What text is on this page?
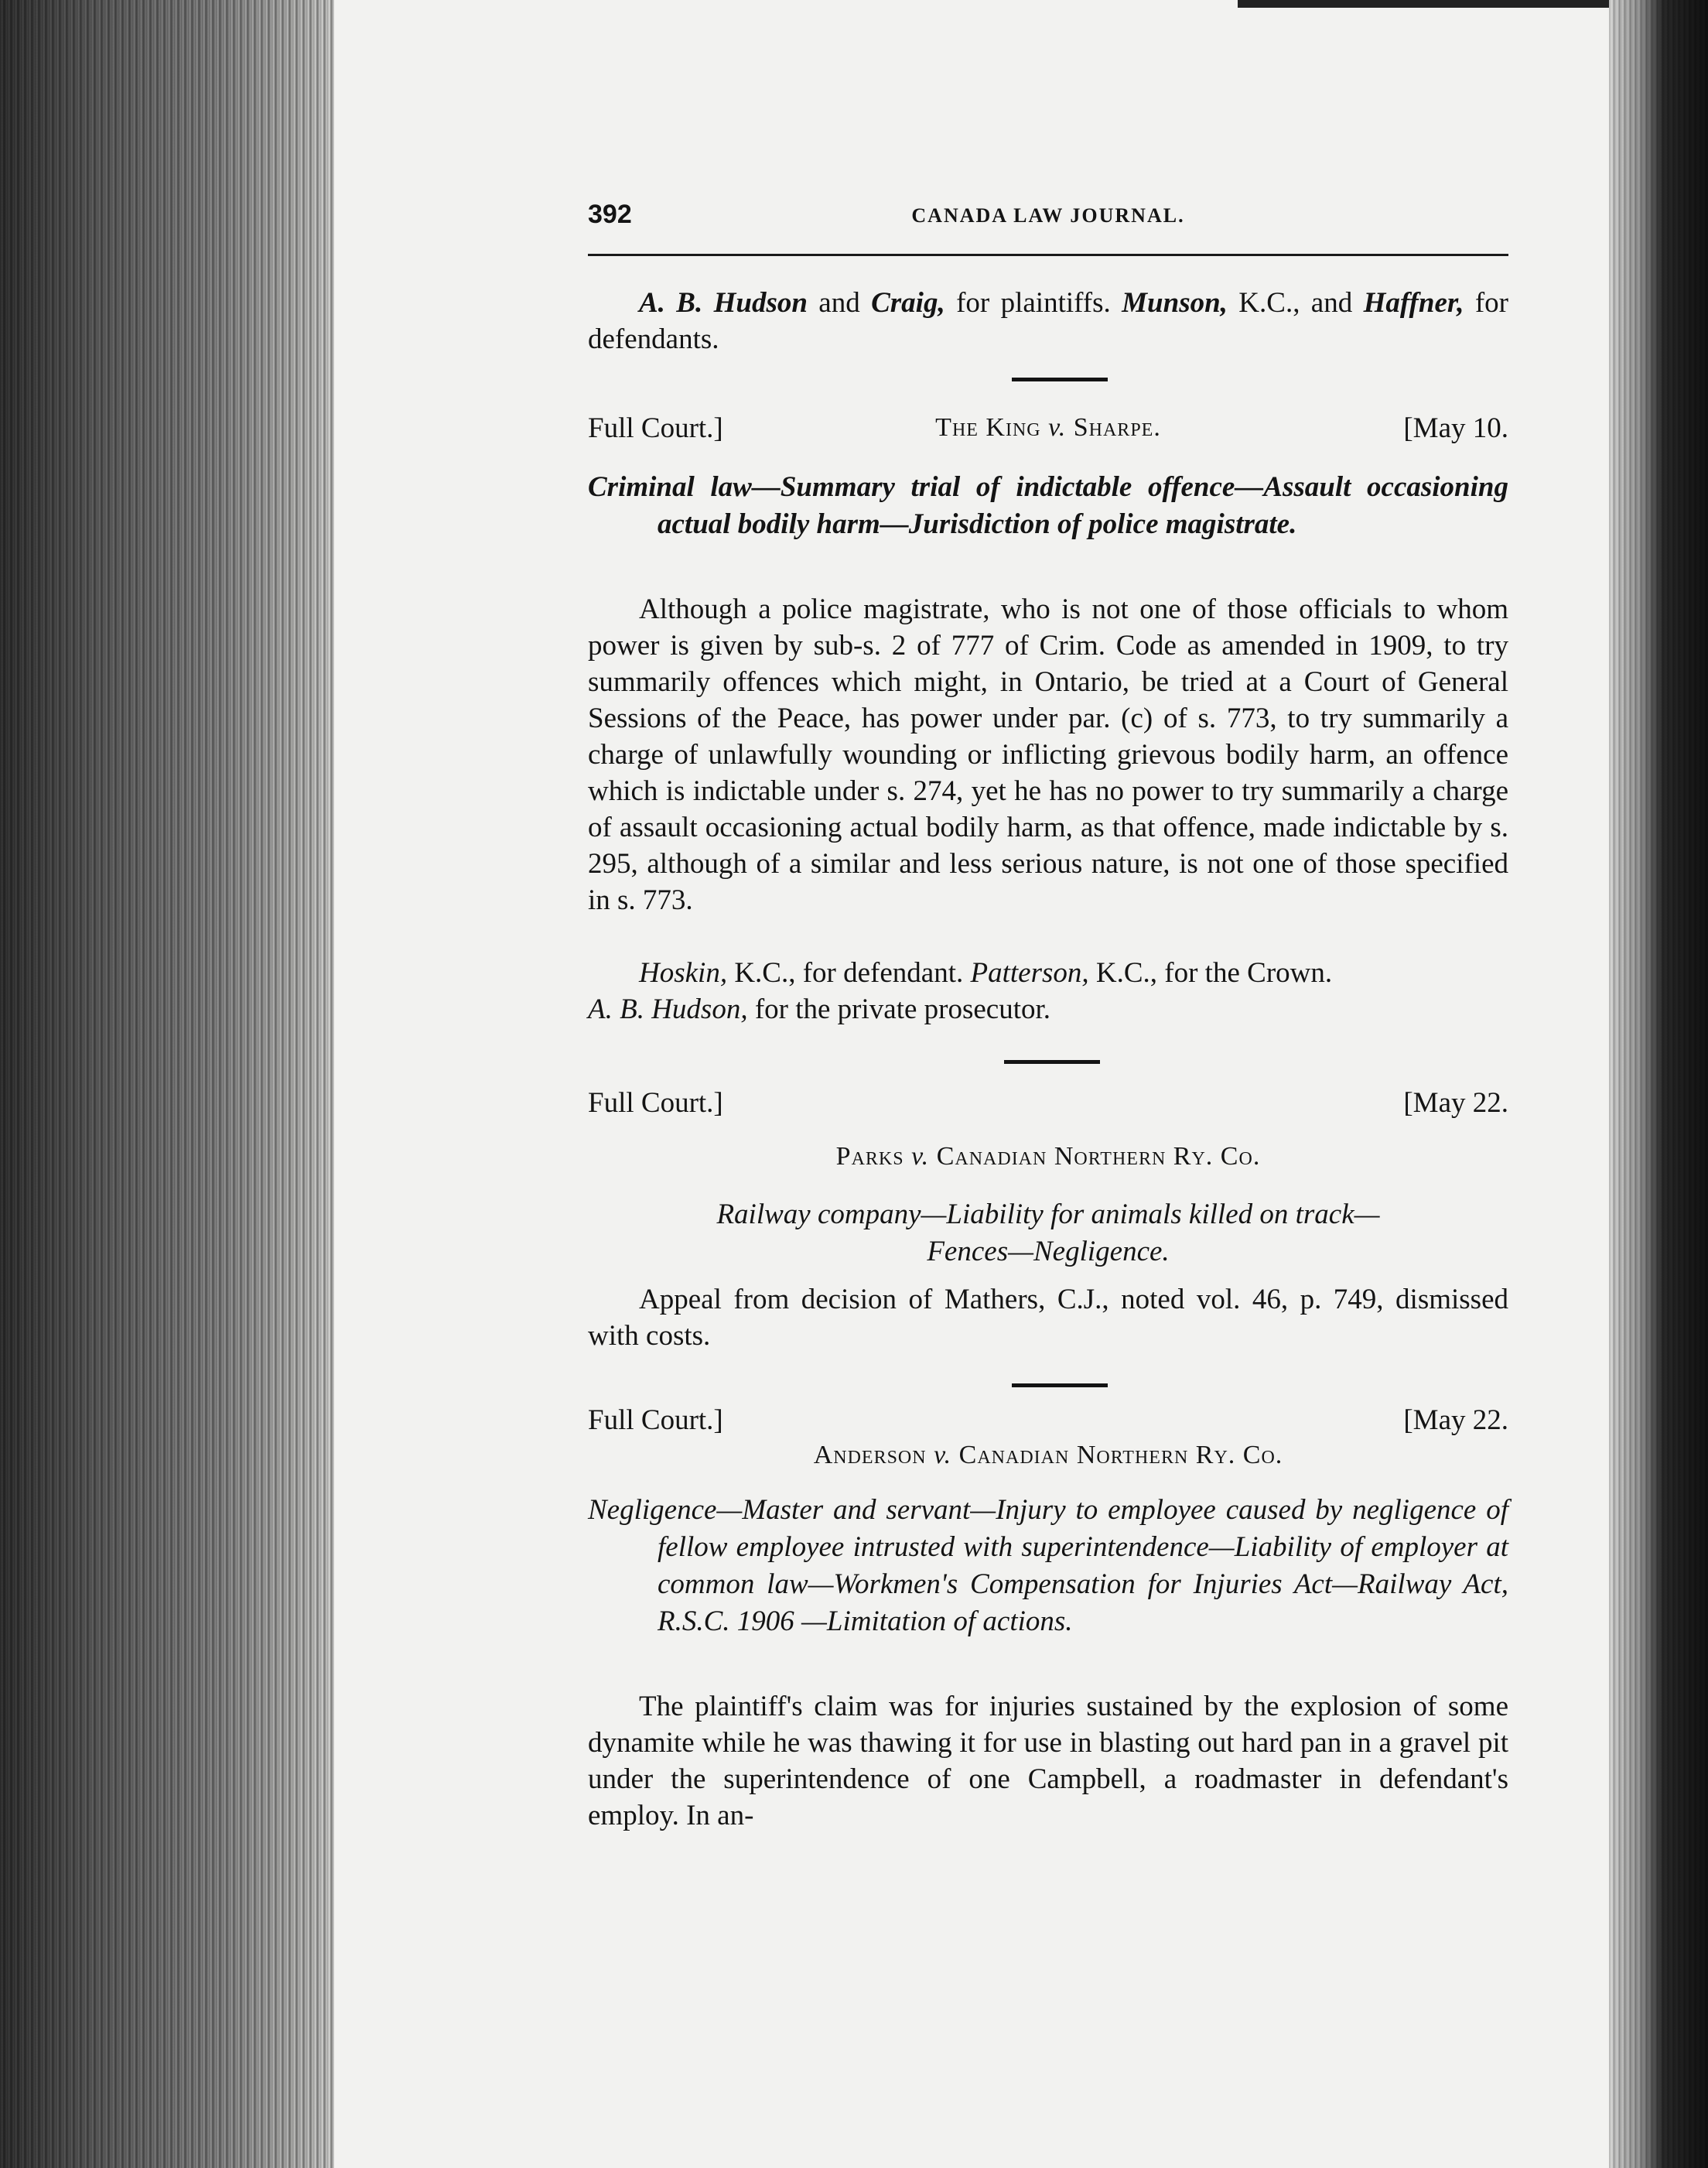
392	CANADA LAW JOURNAL.

A. B. Hudson and Craig, for plaintiffs. Munson, K.C., and Haffner, for defendants.

Full Court.]	The King v. Sharpe.	[May 10.
Criminal law—Summary trial of indictable offence—Assault occasioning actual bodily harm—Jurisdiction of police magistrate.

Although a police magistrate, who is not one of those officials to whom power is given by sub-s. 2 of 777 of Crim. Code as amended in 1909, to try summarily offences which might, in Ontario, be tried at a Court of General Sessions of the Peace, has power under par. (c) of s. 773, to try summarily a charge of unlawfully wounding or inflicting grievous bodily harm, an offence which is indictable under s. 274, yet he has no power to try summarily a charge of assault occasioning actual bodily harm, as that offence, made indictable by s. 295, although of a similar and less serious nature, is not one of those specified in s. 773.

Hoskin, K.C., for defendant. Patterson, K.C., for the Crown.
A. B. Hudson, for the private prosecutor.

Full Court.]	[May 22.
Parks v. Canadian Northern Ry. Co.
Railway company—Liability for animals killed on track—
Fences—Negligence.

Appeal from decision of Mathers, C.J., noted vol. 46, p. 749, dismissed with costs.

Full Court.]	[May 22.
Anderson v. Canadian Northern Ry. Co.
Negligence—Master and servant—Injury to employee caused by negligence of fellow employee intrusted with superintendence—Liability of employer at common law—Workmen's Compensation for Injuries Act—Railway Act, R.S.C. 1906 —Limitation of actions.

The plaintiff's claim was for injuries sustained by the explosion of some dynamite while he was thawing it for use in blasting out hard pan in a gravel pit under the superintendence of one Campbell, a roadmaster in defendant's employ. In an-
